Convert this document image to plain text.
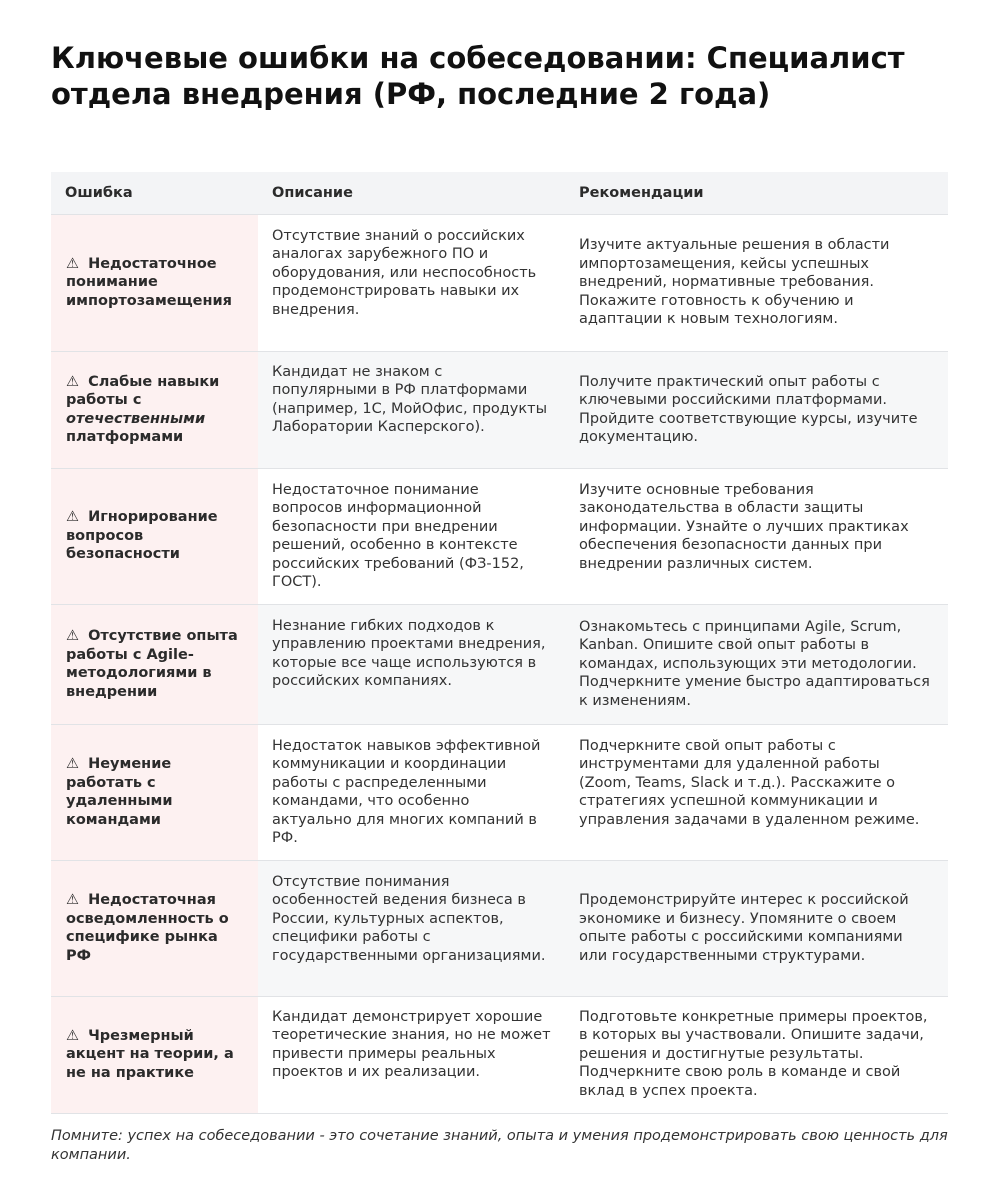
Ключевые ошибки на собеседовании: Специалист отдела внедрения (РФ, последние 2 года)
Ошибка	Описание	Рекомендации
⚠ Недостаточное понимание импортозамещения	Отсутствие знаний о российских аналогах зарубежного ПО и оборудования, или неспособность продемонстрировать навыки их внедрения.	Изучите актуальные решения в области импортозамещения, кейсы успешных внедрений, нормативные требования. Покажите готовность к обучению и адаптации к новым технологиям.
⚠ Слабые навыки работы с отечественными платформами	Кандидат не знаком с популярными в РФ платформами (например, 1С, МойОфис, продукты Лаборатории Касперского).	Получите практический опыт работы с ключевыми российскими платформами. Пройдите соответствующие курсы, изучите документацию.
⚠ Игнорирование вопросов безопасности	Недостаточное понимание вопросов информационной безопасности при внедрении решений, особенно в контексте российских требований (ФЗ-152, ГОСТ).	Изучите основные требования законодательства в области защиты информации. Узнайте о лучших практиках обеспечения безопасности данных при внедрении различных систем.
⚠ Отсутствие опыта работы с Agile-методологиями в внедрении	Незнание гибких подходов к управлению проектами внедрения, которые все чаще используются в российских компаниях.	Ознакомьтесь с принципами Agile, Scrum, Kanban. Опишите свой опыт работы в командах, использующих эти методологии. Подчеркните умение быстро адаптироваться к изменениям.
⚠ Неумение работать с удаленными командами	Недостаток навыков эффективной коммуникации и координации работы с распределенными командами, что особенно актуально для многих компаний в РФ.	Подчеркните свой опыт работы с инструментами для удаленной работы (Zoom, Teams, Slack и т.д.). Расскажите о стратегиях успешной коммуникации и управления задачами в удаленном режиме.
⚠ Недостаточная осведомленность о специфике рынка РФ	Отсутствие понимания особенностей ведения бизнеса в России, культурных аспектов, специфики работы с государственными организациями.	Продемонстрируйте интерес к российской экономике и бизнесу. Упомяните о своем опыте работы с российскими компаниями или государственными структурами.
⚠ Чрезмерный акцент на теории, а не на практике	Кандидат демонстрирует хорошие теоретические знания, но не может привести примеры реальных проектов и их реализации.	Подготовьте конкретные примеры проектов, в которых вы участвовали. Опишите задачи, решения и достигнутые результаты. Подчеркните свою роль в команде и свой вклад в успех проекта.

Помните: успех на собеседовании - это сочетание знаний, опыта и умения продемонстрировать свою ценность для компании.
